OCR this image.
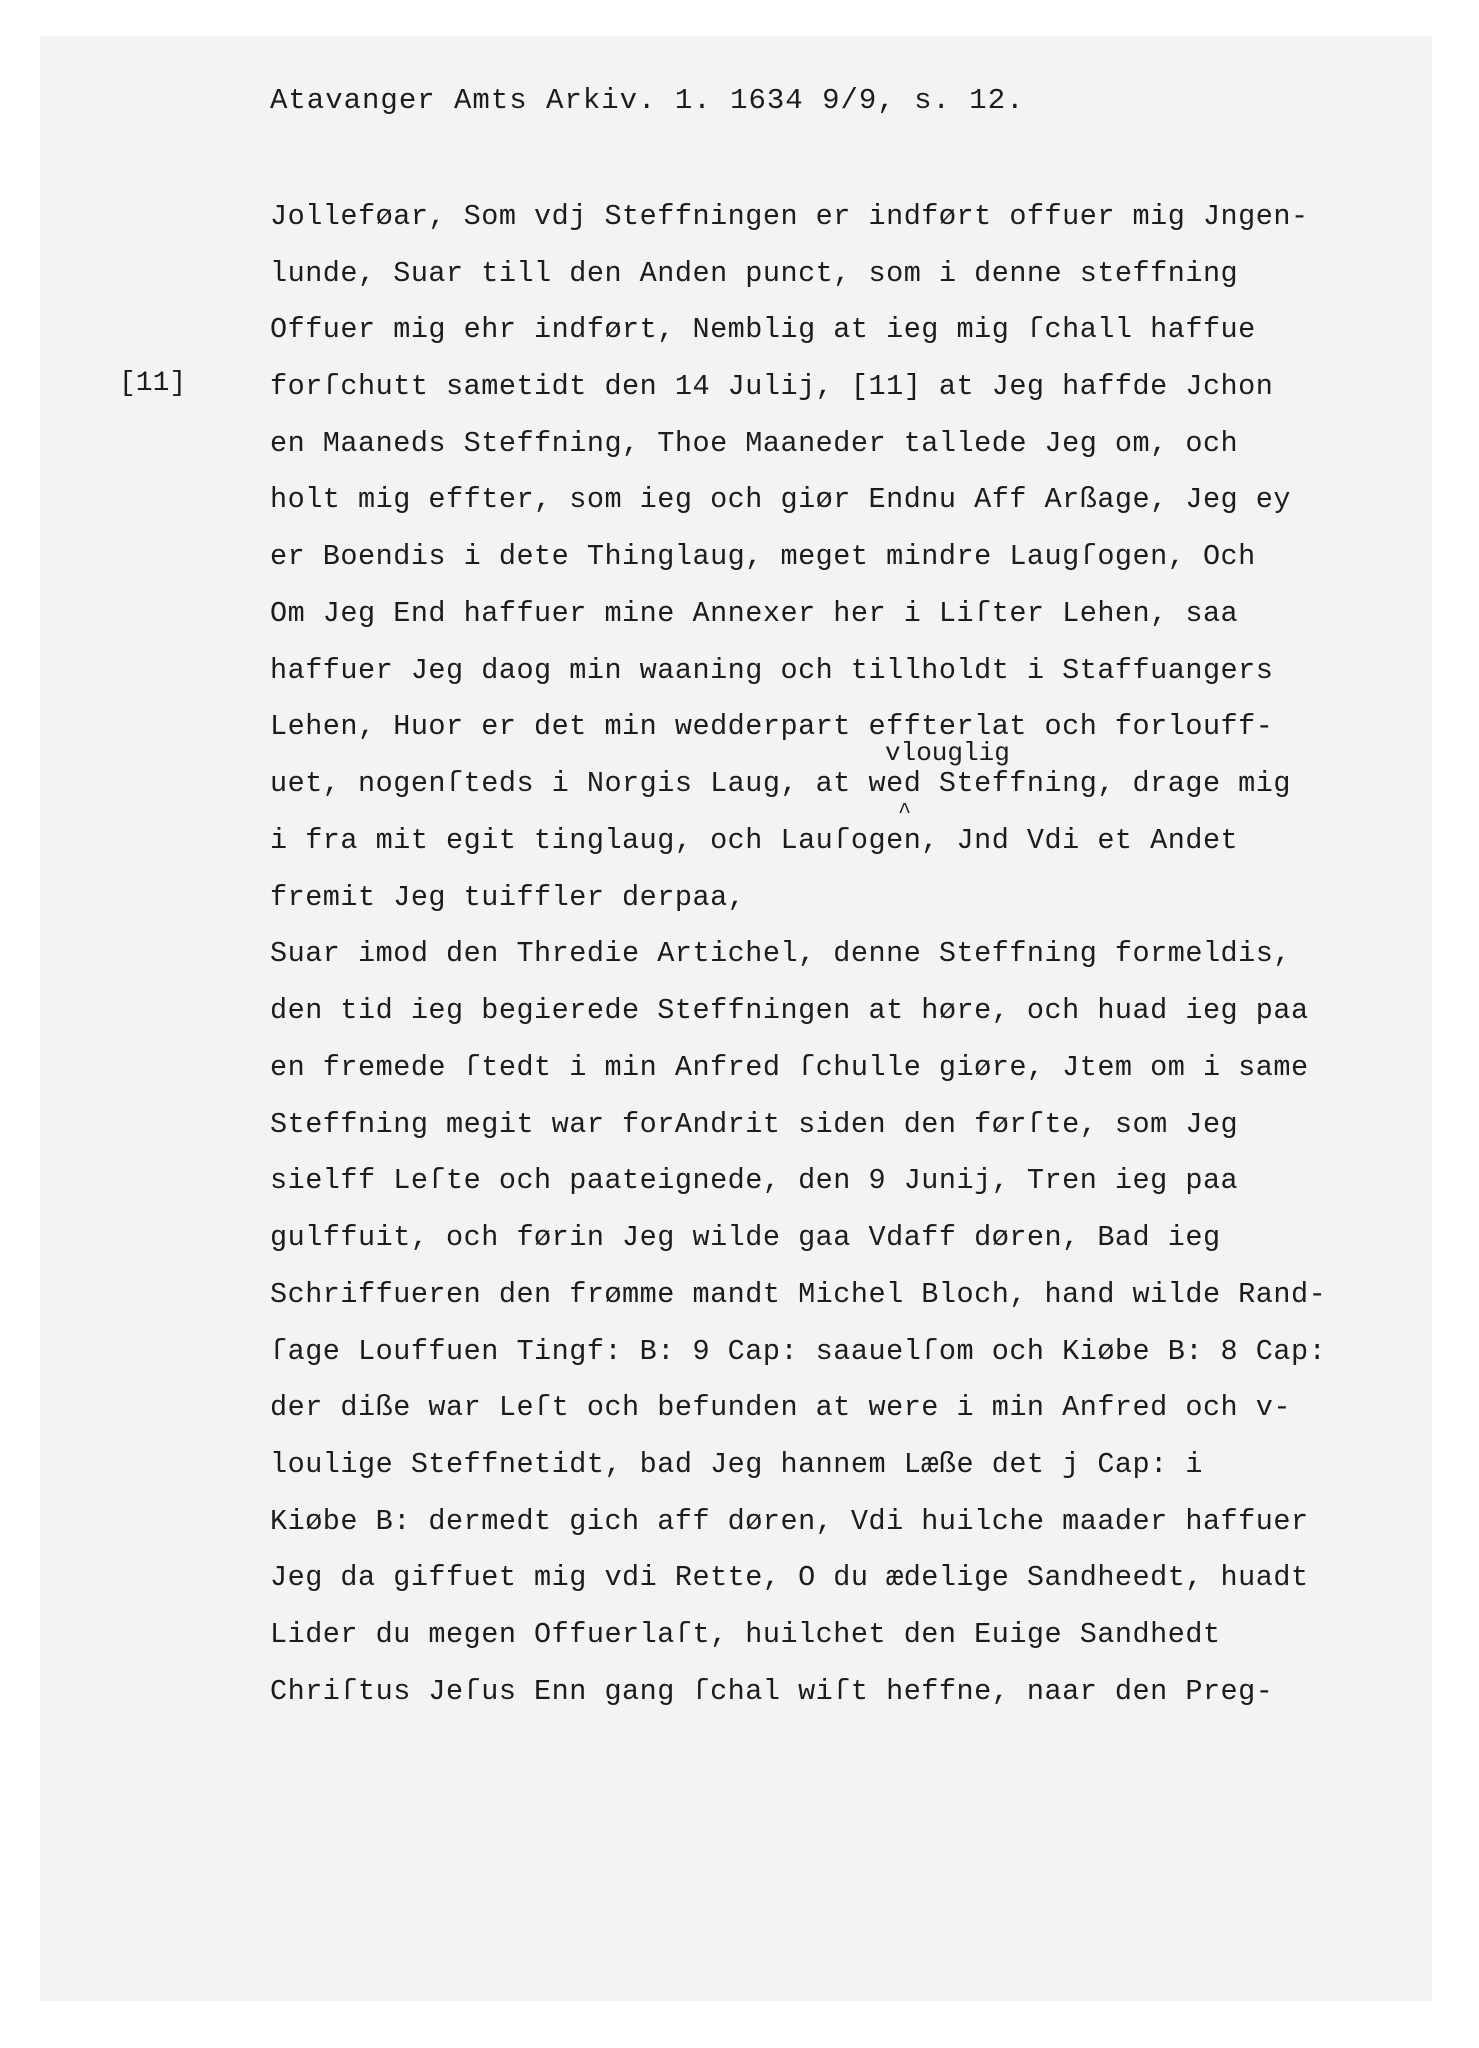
Atavanger Amts Arkiv. 1. 1634 9/9, s. 12.
[11]
Jolleføar, Som vdj Steffningen er indført offuer mig Jngen-
lunde, Suar till den Anden punct, som i denne steffning
Offuer mig ehr indført, Nemblig at ieg mig ſchall haffue
forſchutt sametidt den 14 Julij, [11] at Jeg haffde Jchon
en Maaneds Steffning, Thoe Maaneder tallede Jeg om, och
holt mig effter, som ieg och giør Endnu Aff Arßage, Jeg ey
er Boendis i dete Thinglaug, meget mindre Laugſogen, Och
Om Jeg End haffuer mine Annexer her i Liſter Lehen, saa
haffuer Jeg daog min waaning och tillholdt i Staffuangers
Lehen, Huor er det min wedderpart effterlat och forlouff-
vlouglig
^
uet, nogenſteds i Norgis Laug, at wed Steffning, drage mig
i fra mit egit tinglaug, och Lauſogen, Jnd Vdi et Andet
fremit Jeg tuiffler derpaa,
Suar imod den Thredie Artichel, denne Steffning formeldis,
den tid ieg begierede Steffningen at høre, och huad ieg paa
en fremede ſtedt i min Anfred ſchulle giøre, Jtem om i same
Steffning megit war forAndrit siden den førſte, som Jeg
sielff Leſte och paateignede, den 9 Junij, Tren ieg paa
gulffuit, och førin Jeg wilde gaa Vdaff døren, Bad ieg
Schriffueren den frømme mandt Michel Bloch, hand wilde Rand-
ſage Louffuen Tingf: B: 9 Cap: saauelſom och Kiøbe B: 8 Cap:
der dißе war Leſt och befunden at were i min Anfred och v-
loulige Steffnetidt, bad Jeg hannem Læße det j Cap: i
Kiøbe B: dermedt gich aff døren, Vdi huilche maader haffuer
Jeg da giffuet mig vdi Rette, O du ædelige Sandheedt, huadt
Lider du megen Offuerlaſt, huilchet den Euige Sandhedt
Chriſtus Jeſus Enn gang ſchal wiſt heffne, naar den Preg-
